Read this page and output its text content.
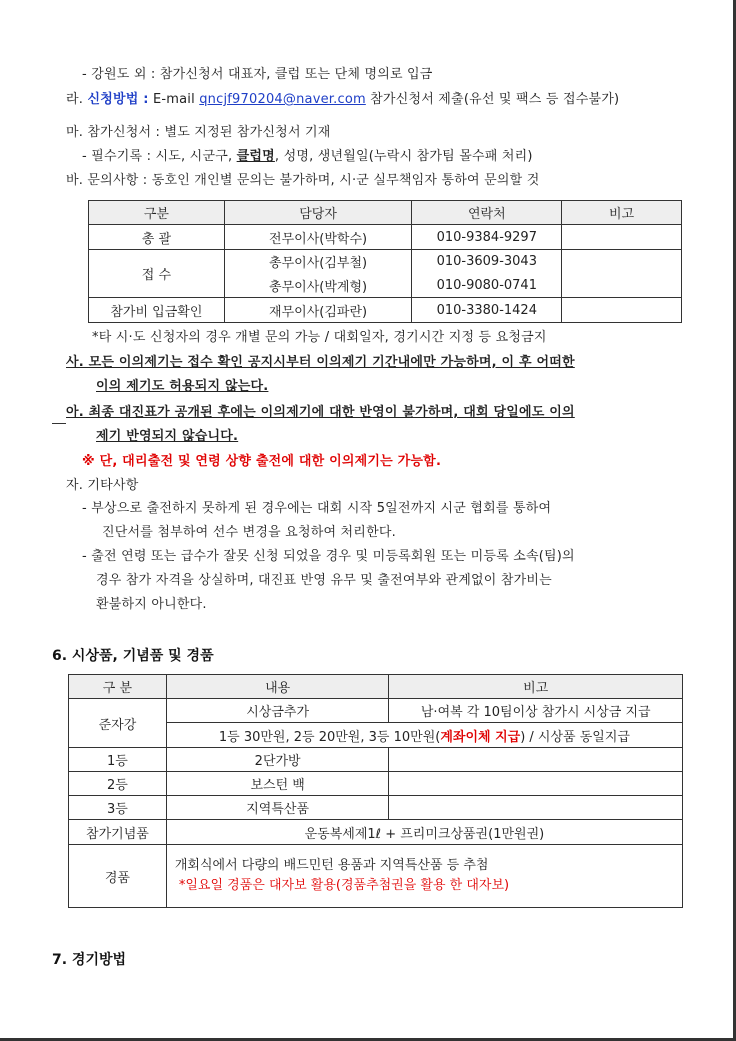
- 강원도 외 : 참가신청서 대표자, 클럽 또는 단체 명의로 입금
라. 신청방법 : E-mail qncjf970204@naver.com 참가신청서 제출(유선 및 팩스 등 접수불가)
마. 참가신청서 : 별도 지정된 참가신청서 기재
- 필수기록 : 시도, 시군구, 클럽명, 성명, 생년월일(누락시 참가팀 몰수패 처리)
바. 문의사항 : 동호인 개인별 문의는 불가하며, 시·군 실무책임자 통하여 문의할 것
구분	담당자	연락처	비고
총 괄	전무이사(박학수)	010-9384-9297	
접 수	총무이사(김부철)	010-3609-3043	
	총무이사(박계형)	010-9080-0741	
참가비 입금확인	재무이사(김파란)	010-3380-1424	
*타 시·도 신청자의 경우 개별 문의 가능 / 대회일자, 경기시간 지정 등 요청금지
사. 모든 이의제기는 접수 확인 공지시부터 이의제기 기간내에만 가능하며, 이 후 어떠한
이의 제기도 허용되지 않는다.
아. 최종 대진표가 공개된 후에는 이의제기에 대한 반영이 불가하며, 대회 당일에도 이의
제기 반영되지 않습니다.
※ 단, 대리출전 및 연령 상향 출전에 대한 이의제기는 가능함.
자. 기타사항
- 부상으로 출전하지 못하게 된 경우에는 대회 시작 5일전까지 시군 협회를 통하여
진단서를 첨부하여 선수 변경을 요청하여 처리한다.
- 출전 연령 또는 급수가 잘못 신청 되었을 경우 및 미등록회원 또는 미등록 소속(팀)의
경우 참가 자격을 상실하며, 대진표 반영 유무 및 출전여부와 관계없이 참가비는
환불하지 아니한다.
6. 시상품, 기념품 및 경품
구 분	내용	비고
준자강	시상금추가	남·여복 각 10팀이상 참가시 시상금 지급
	1등 30만원, 2등 20만원, 3등 10만원(계좌이체 지급) / 시상품 동일지급	
1등	2단가방	
2등	보스턴 백	
3등	지역특산품	
참가기념품	운동복세제1ℓ + 프리미크상품권(1만원권)	
경품	개회식에서 다량의 배드민턴 용품과 지역특산품 등 추첨
*일요일 경품은 대자보 활용(경품추첨권을 활용 한 대자보)	
7. 경기방법
